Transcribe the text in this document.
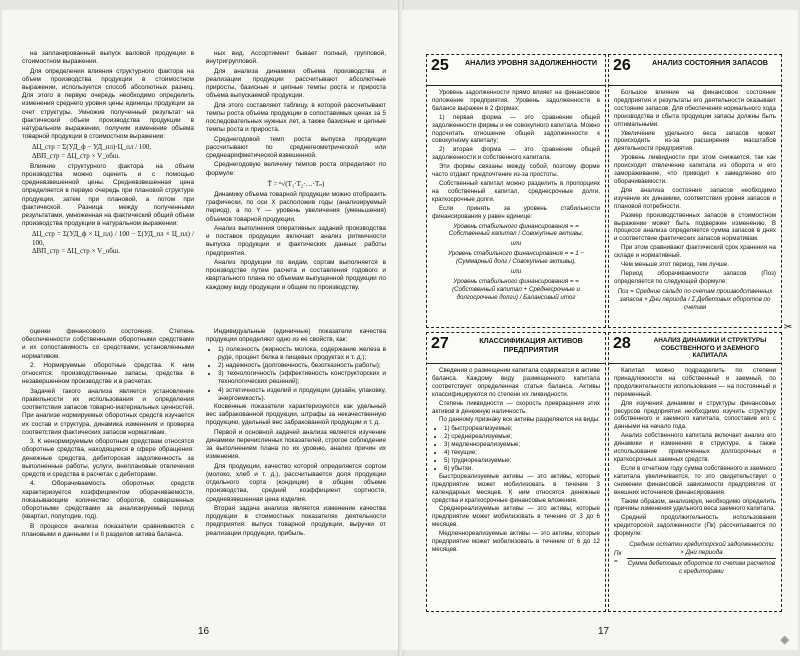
на запланированный выпуск валовой продукции в стоимостном выражении.

Для определения влияния структурного фактора на объем производства продукции в стоимостном выражении, используется способ абсолютных разниц. Для этого в первую очередь необходимо определить изменения среднего уровня цены единицы продукции за счет структуры. Умножив полученный результат на фактический объем производства продукции в натуральном выражении, получим изменение объема товарной продукции в стоимостном выражении:

ΔЦ_стр = Σ(УД_ф − УД_пл)·Ц_пл / 100,
ΔВП_стр = ΔЦ_стр × V_обш.

Влияние структурного фактора на объем производства можно оценить и с помощью средневзвешенной цены. Средневзвешенная цена определяется в первую очередь при плановой структуре продукции, затем при плановой, а потом при фактической. Разница между полученными результатами, умноженная на фактический общий объем производства продукции в натуральном выражении:

ΔЦ_стр = Σ(УД_ф × Ц_пл) / 100 − Σ(УД_пл × Ц_пл) / 100,
ΔВП_стр = ΔЦ_стр × V_обш.

ных вид. Ассортимент бывает полный, групповой, внутригрупповой.

Для анализа динамики объема производства и реализации продукции рассчитывают абсолютные приросты, базисные и цепные темпы роста и прироста объема выпускаемой продукции.

Для этого составляют таблицу, в которой рассчитывают темпы роста объема продукции в сопоставимых ценах за 5 последовательных нужных лет, а также базисные и цепные темпы роста и прироста.

Среднегодовой темп роста выпуска продукции рассчитывают по среднегеометрической или среднеарифметической взвешенной.

Среднегодовую величину темпов роста определяют по формуле:

T̄ = ⁿ√(T₁·T₂·…·Tₙ)

Динамику объема товарной продукции можно отобразить графически, по оси X расположив годы (анализируемый период), а по Y — уровень увеличения (уменьшения) объемов товарной продукции.

Анализ выполнения оперативных заданий производства и поставок продукции включает анализ ритмичности выпуска продукции и фактических данных работы предприятия.

Анализ продукции по видам, сортам выполняется в производстве путем расчета и составления годового и квартального плана по объемам выпущенной продукции по каждому виду продукции и общем по производству.

оценки финансового состояния. Степень обеспеченности собственными оборотными средствами и их сопоставимость со средствами, установленными нормативом.

2. Нормируемые оборотные средства. К ним относятся: производственные запасы, средства в незавершенном производстве и в расчетах.

Задачей такого анализа является установление правильности их использования и определения соответствия запасов товарно-материальных ценностей. При анализе нормируемых оборотных средств изучается их состав и структура, динамика изменения и проверка соответствия фактических запасов нормативам.

3. К ненормируемым оборотным средствам относятся оборотные средства, находящиеся в сфере обращения: денежные средства, дебиторская задолженность за выполненные работы, услуги, внеплановые отвлечения средств и средства в расчетах с дебиторами.

4. Оборачиваемость оборотных средств характеризуется коэффициентом оборачиваемости, показывающим количество оборотов, совершенных оборотными средствами за анализируемый период (квартал, полугодие, год).

В процессе анализа показатели сравниваются с плановыми и данными I и II разделов актива баланса.

Индивидуальные (единичные) показатели качества продукции определяют одно из ее свойств, как:

• 1) полезность (жирность молока, содержание железа в руде, процент белка в пищевых продуктах и т. д.);
• 2) надежность (долговечность, безотказность работы);
• 3) технологичность (эффективность конструкторских и технологических решений);
• 4) эстетичность изделий и продукции (дизайн, упаковку, энергоемкость).

Косвенные показатели характеризуются как удельный вес забракованной продукции, штрафы за некачественную продукцию, удельный вес забракованной продукции и т. д.

Первой и основной задачей анализа является изучение динамики перечисленных показателей, строгое соблюдение за выполнением плана по их уровню, анализ причин их изменения.

Для продукции, качество которой определяется сортом (молоко, хлеб и т. д.), рассчитывается доля продукции отдельного сорта (кондиции) в общем объеме производства, средний коэффициент сортности, средневзвешенная цена изделия.

Вторая задача анализа является изменение качества продукции в стоимостных показателях деятельности предприятия: выпуск товарной продукции, выручки от реализации продукции, прибыль.

16
25	АНАЛИЗ УРОВНЯ ЗАДОЛЖЕННОСТИ

Уровень задолженности прямо влияет на финансовое положение предприятия. Уровень задолженности в балансе выражен в 2 формах:

1) первая форма — это сравнение общей задолженности фирмы и ее совокупного капитала. Можно подсчитать отношение общей задолженности к совокупному капиталу;

2) вторая форма — это сравнение общей задолженности и собственного капитала.

Эти формы связаны между собой, поэтому форме часто отдают предпочтение из-за простоты.

Собственный капитал можно разделить в пропорциях на собственный капитал, среднесрочные долги, краткосрочные долги.

Если принять за уровень стабильности финансирования у равен единице:

Уровень стабильного финансирования = = Собственный капитал / Совокупные активы,

или

Уровень стабильного финансирования = = 1 − (Суммарный долг / Совокупные активы),

или

Уровень стабильного финансирования = = (Собственный капитал + Среднесрочные и долгосрочные долги) / Балансовый итог

26	АНАЛИЗ СОСТОЯНИЯ ЗАПАСОВ

Большое влияние на финансовое состояние предприятия и результаты его деятельности оказывает состояние запасов. Для обеспечения нормального хода производства и сбыта продукции запасы должны быть оптимальными.

Увеличение удельного веса запасов может происходить из-за расширения масштабов деятельности предприятия.

Уровень ликвидности при этом снижается, так как происходит отвлечение капитала из оборота и его замораживание, что приводит к замедлению его оборачиваемости.

Для анализа состояния запасов необходимо изучение их динамики, соответствия уровня запасов и плановой потребности.

Размер производственных запасов в стоимостном выражении может быть подвержен изменению. В процессе анализа определяется сумма запасов в днях и соответствие фактических запасов нормативам.

При этом сравнивают фактический срок хранения на складе и нормативный.

Чем меньше этот период, тем лучше.

Период оборачиваемости запасов (Поз) определяется по следующей формуле:

Поз = Средние сальдо по счетам производственных запасов × Дни периода / Σ Дебетовых оборотов по счетам

✂
27	КЛАССИФИКАЦИЯ АКТИВОВ ПРЕДПРИЯТИЯ

Сведения о размещении капитала содержатся в активе баланса. Каждому виду размещенного капитала соответствует определенная статья баланса. Активы классифицируются по степени их ликвидности.

Степень ликвидности — скорость превращения этих активов в денежную наличность.

По данному признаку все активы разделяются на виды:

• 1) быстрореализуемые;
• 2) среднереализуемые;
• 3) медленнореализуемые;
• 4) текущие;
• 5) труднореализуемые;
• 6) убытки.

Быстрореализуемые активы — это активы, которые предприятие может мобилизовать в течение 3 календарных месяцев. К ним относятся денежные средства и краткосрочные финансовые вложения.

Среднереализуемые активы — это активы, которые предприятие может мобилизовать в течение от 3 до 6 месяцев.

Медленнореализуемые активы — это активы, которые предприятие может мобилизовать в течение от 6 до 12 месяцев.

28	АНАЛИЗ ДИНАМИКИ И СТРУКТУРЫ СОБСТВЕННОГО И ЗАЕМНОГО КАПИТАЛА

Капитал можно подразделить по степени принадлежности на собственный и заемный, по продолжительности использования — на постоянный и переменный.

Для изучения динамики и структуры финансовых ресурсов предприятия необходимо изучить структуру собственного и заемного капитала, сопоставив его с данными на начало года.

Анализ собственного капитала включает анализ его динамики и изменения в структуре, а также использование привлеченных долгосрочных и краткосрочных заемных средств.

Если в отчетном году сумма собственного и заемного капитала увеличивается, то это свидетельствует о снижении финансовой зависимости предприятия от внешних источников финансирования.

Таким образом, анализируя, необходимо определить причины изменения удельного веса заемного капитала.

Средний продолжительность использования кредиторской задолженности (Пк) рассчитывается по формуле:

Пк =
Средние остатки кредиторской задолженности × Дни периода
Сумма дебетовых оборотов по счетам расчетов с кредиторами
17
◈
